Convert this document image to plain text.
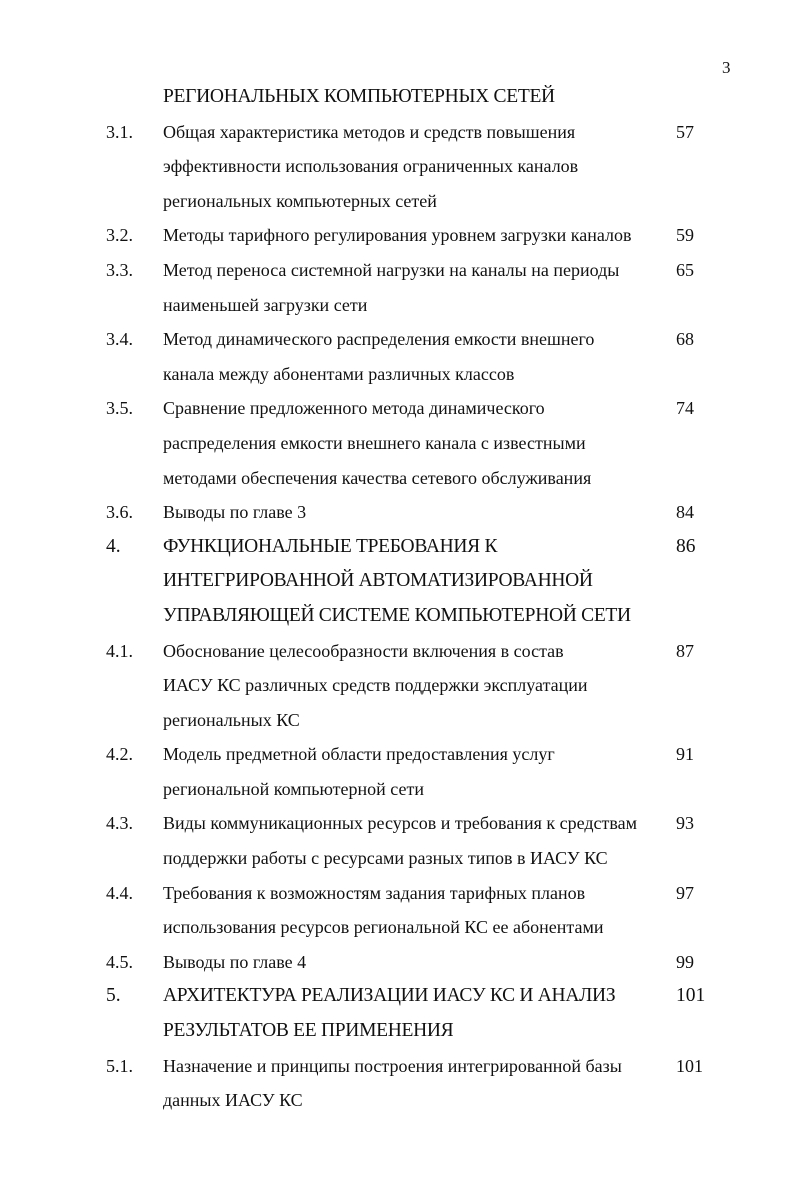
3
РЕГИОНАЛЬНЫХ КОМПЬЮТЕРНЫХ СЕТЕЙ
3.1. Общая характеристика методов и средств повышения	57
эффективности использования ограниченных каналов
региональных компьютерных сетей
3.2. Методы тарифного регулирования уровнем загрузки каналов 59
3.3. Метод переноса системной нагрузки на каналы на периоды	65
наименьшей загрузки сети
3.4. Метод динамического распределения емкости внешнего	68
канала между абонентами различных классов
3.5. Сравнение предложенного метода динамического	74
распределения емкости внешнего канала с известными
методами обеспечения качества сетевого обслуживания
3.6. Выводы по главе 3	84
4. ФУНКЦИОНАЛЬНЫЕ ТРЕБОВАНИЯ К	86
ИНТЕГРИРОВАННОЙ АВТОМАТИЗИРОВАННОЙ
УПРАВЛЯЮЩЕЙ СИСТЕМЕ КОМПЬЮТЕРНОЙ СЕТИ
4.1. Обоснование целесообразности включения в состав	87
ИАСУ КС различных средств поддержки эксплуатации
региональных КС
4.2. Модель предметной области предоставления услуг	91
региональной компьютерной сети
4.3. Виды коммуникационных ресурсов и требования к средствам 93
поддержки работы с ресурсами разных типов в ИАСУ КС
4.4. Требования к возможностям задания тарифных планов	97
использования ресурсов региональной КС ее абонентами
4.5. Выводы по главе 4	99
5. АРХИТЕКТУРА РЕАЛИЗАЦИИ ИАСУ КС И АНАЛИЗ	101
РЕЗУЛЬТАТОВ ЕЕ ПРИМЕНЕНИЯ
5.1. Назначение и принципы построения интегрированной базы	101
данных ИАСУ КС
